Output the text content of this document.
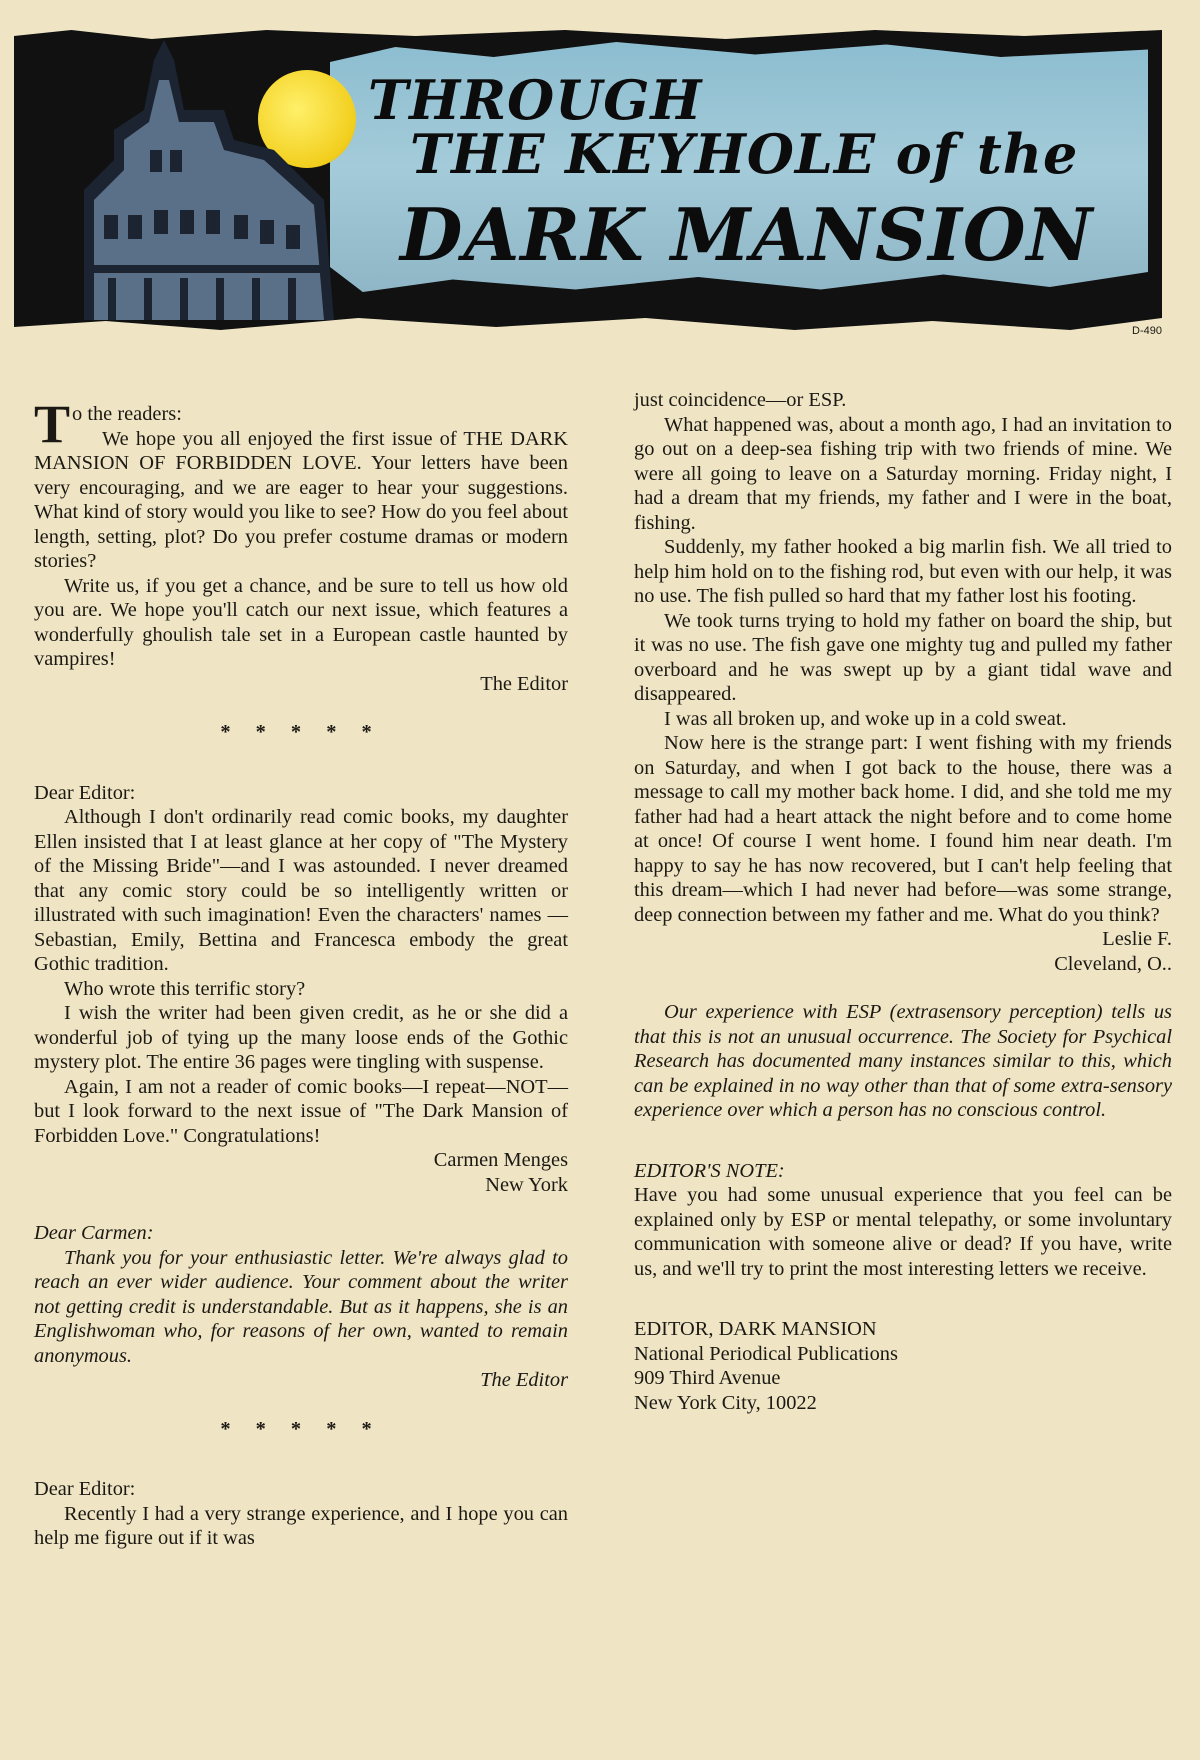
THROUGH
THE KEYHOLE of the
DARK MANSION
D-490

To the readers:

We hope you all enjoyed the first issue of THE DARK MANSION OF FORBIDDEN LOVE. Your letters have been very encouraging, and we are eager to hear your suggestions. What kind of story would you like to see? How do you feel about length, setting, plot? Do you prefer costume dramas or modern stories?

Write us, if you get a chance, and be sure to tell us how old you are. We hope you'll catch our next issue, which features a wonderfully ghoulish tale set in a European castle haunted by vampires!

The Editor
* * * * *

Dear Editor:

Although I don't ordinarily read comic books, my daughter Ellen insisted that I at least glance at her copy of "The Mystery of the Missing Bride"—and I was astounded. I never dreamed that any comic story could be so intelligently written or illustrated with such imagination! Even the characters' names —Sebastian, Emily, Bettina and Francesca embody the great Gothic tradition.

Who wrote this terrific story?

I wish the writer had been given credit, as he or she did a wonderful job of tying up the many loose ends of the Gothic mystery plot. The entire 36 pages were tingling with suspense.

Again, I am not a reader of comic books—I repeat—NOT—but I look forward to the next issue of "The Dark Mansion of Forbidden Love." Congratulations!

Carmen Menges
New York

Dear Carmen:

Thank you for your enthusiastic letter. We're always glad to reach an ever wider audience. Your comment about the writer not getting credit is understandable. But as it happens, she is an Englishwoman who, for reasons of her own, wanted to remain anonymous.

The Editor
* * * * *

Dear Editor:

Recently I had a very strange experience, and I hope you can help me figure out if it was

just coincidence—or ESP.

What happened was, about a month ago, I had an invitation to go out on a deep-sea fishing trip with two friends of mine. We were all going to leave on a Saturday morning. Friday night, I had a dream that my friends, my father and I were in the boat, fishing.

Suddenly, my father hooked a big marlin fish. We all tried to help him hold on to the fishing rod, but even with our help, it was no use. The fish pulled so hard that my father lost his footing.

We took turns trying to hold my father on board the ship, but it was no use. The fish gave one mighty tug and pulled my father overboard and he was swept up by a giant tidal wave and disappeared.

I was all broken up, and woke up in a cold sweat.

Now here is the strange part: I went fishing with my friends on Saturday, and when I got back to the house, there was a message to call my mother back home. I did, and she told me my father had had a heart attack the night before and to come home at once! Of course I went home. I found him near death. I'm happy to say he has now recovered, but I can't help feeling that this dream—which I had never had before—was some strange, deep connection between my father and me. What do you think?

Leslie F.
Cleveland, O..

Our experience with ESP (extrasensory perception) tells us that this is not an unusual occurrence. The Society for Psychical Research has documented many instances similar to this, which can be explained in no way other than that of some extra-sensory experience over which a person has no conscious control.

EDITOR'S NOTE:

Have you had some unusual experience that you feel can be explained only by ESP or mental telepathy, or some involuntary communication with someone alive or dead? If you have, write us, and we'll try to print the most interesting letters we receive.

EDITOR, DARK MANSION

National Periodical Publications

909 Third Avenue

New York City, 10022
